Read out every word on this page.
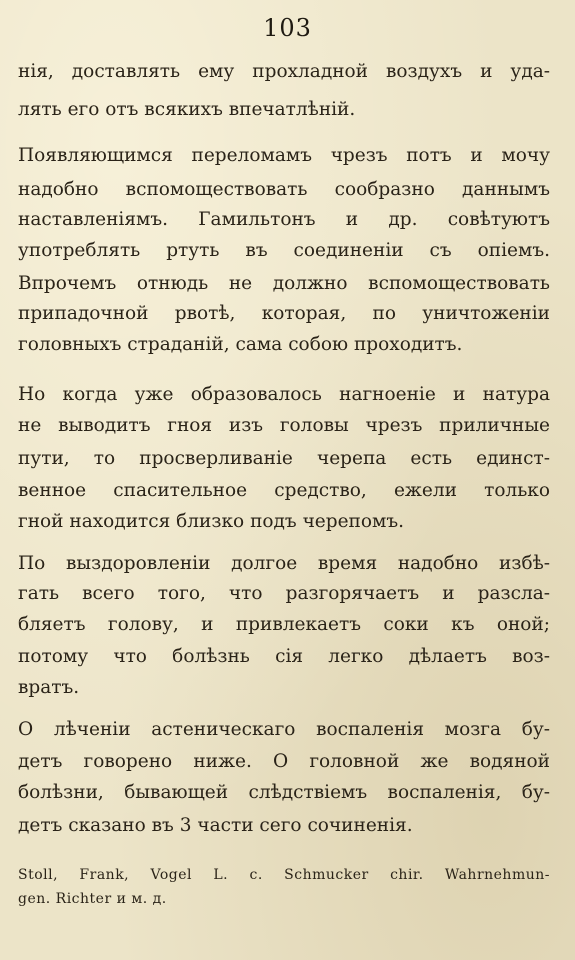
103
нія, доставлять ему прохладной воздухъ и уда-
лять его отъ всякихъ впечатлѣній.
Появляющимся переломамъ чрезъ потъ и мочу
надобно вспомоществовать сообразно даннымъ
наставленіямъ. Гамильтонъ и др. совѣтуютъ
употреблять ртуть въ соединеніи съ опіемъ.
Впрочемъ отнюдь не должно вспомоществовать
припадочной рвотѣ, которая, по уничтоженіи
головныхъ страданій, сама собою проходитъ.
Но когда уже образовалось нагноеніе и натура
не выводитъ гноя изъ головы чрезъ приличные
пути, то просверливаніе черепа есть единст-
венное спасительное средство, ежели только
гной находится близко подъ черепомъ.
По выздоровленіи долгое время надобно избѣ-
гать всего того, что разгорячаетъ и разсла-
бляетъ голову, и привлекаетъ соки къ оной;
потому что болѣзнь сія легко дѣлаетъ воз-
вратъ.
О лѣченіи астеническаго воспаленія мозга бу-
детъ говорено ниже. О головной же водяной
болѣзни, бывающей слѣдствіемъ воспаленія, бу-
детъ сказано въ 3 части сего сочиненія.
Stoll, Frank, Vogel L. c. Schmucker chir. Wahrnehmun-
gen. Richter и м. д.
